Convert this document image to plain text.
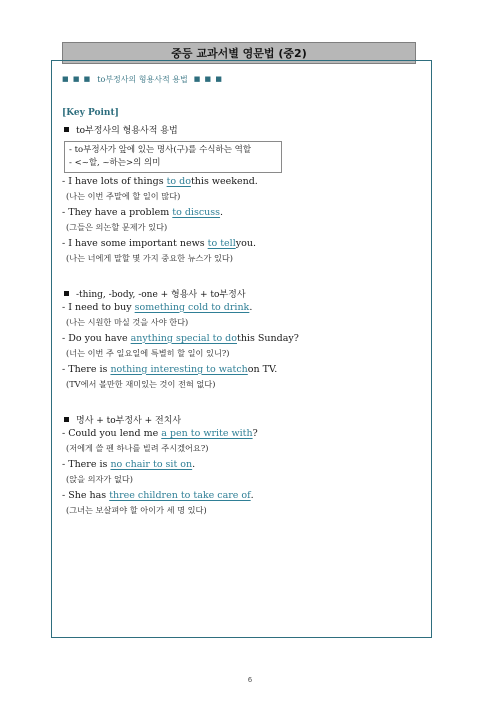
중등 교과서별 영문법 (중2)
■ ■ ■ to부정사의 형용사적 용법 ■ ■ ■
[Key Point]
to부정사의 형용사적 용법
- to부정사가 앞에 있는 명사(구)를 수식하는 역할
- <~할, ~하는>의 의미
- I have lots of things
to do this weekend.
(나는 이번 주말에 할 일이 많다)
- They have a problem
to discuss .
(그들은 의논할 문제가 있다)
- I have some important news
to tell you.
(나는 너에게 말할 몇 가지 중요한 뉴스가 있다)
-thing, -body, -one + 형용사 + to부정사
- I need to buy
something cold to drink .
(나는 시원한 마실 것을 사야 한다)
- Do you have
anything special to do this Sunday?
(너는 이번 주 일요일에 특별히 할 일이 있니?)
- There is
nothing interesting to watch on TV.
(TV에서 볼만한 재미있는 것이 전혀 없다)
명사 + to부정사 + 전치사
- Could you lend me
a pen to write with ?
(저에게 쓸 펜 하나를 빌려 주시겠어요?)
- There is
no chair to sit on .
(앉을 의자가 없다)
- She has
three children to take care of .
(그녀는 보살펴야 할 아이가 세 명 있다)
6
